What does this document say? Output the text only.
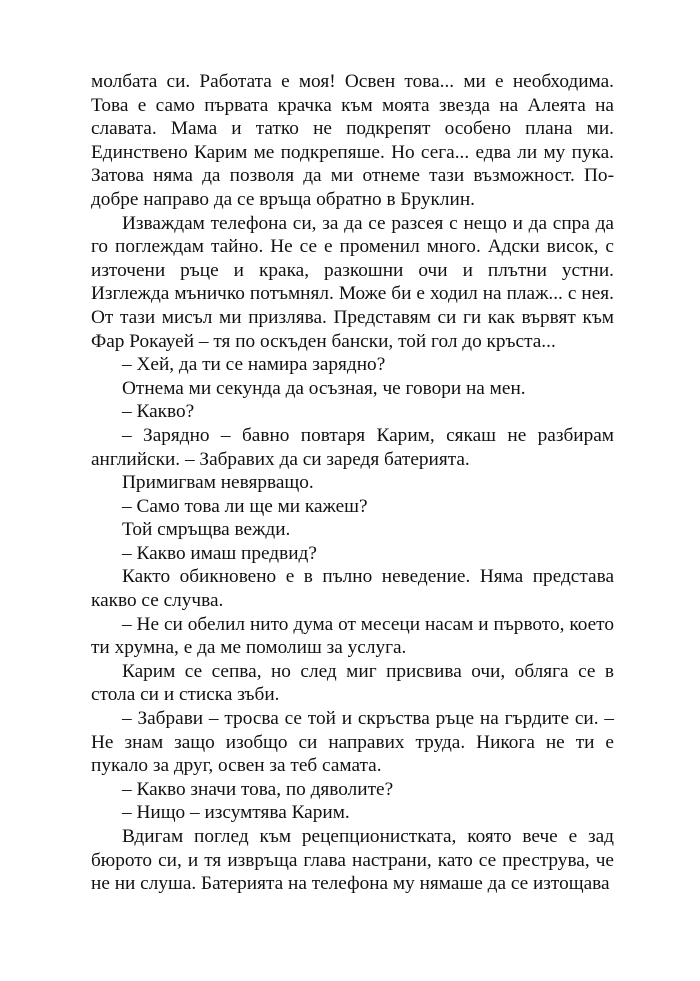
молбата си. Работата е моя! Освен това... ми е необходима. Това е само първата крачка към моята звезда на Алеята на славата. Мама и татко не подкрепят особено плана ми. Единствено Карим ме подкрепяше. Но сега... едва ли му пука. Затова няма да позволя да ми отнеме тази възможност. По-добре направо да се връща обратно в Бруклин.

Изваждам телефона си, за да се разсея с нещо и да спра да го поглеждам тайно. Не се е променил много. Адски висок, с източени ръце и крака, разкошни очи и плътни устни. Изглежда мъничко потъмнял. Може би е ходил на плаж... с нея. От тази мисъл ми призлява. Представям си ги как вървят към Фар Рокауей – тя по оскъден бански, той гол до кръста...

– Хей, да ти се намира зарядно?

Отнема ми секунда да осъзная, че говори на мен.

– Какво?

– Зарядно – бавно повтаря Карим, сякаш не разбирам английски. – Забравих да си заредя батерията.

Примигвам невярващо.

– Само това ли ще ми кажеш?

Той смръщва вежди.

– Какво имаш предвид?

Както обикновено е в пълно неведение. Няма представа какво се случва.

– Не си обелил нито дума от месеци насам и първото, което ти хрумна, е да ме помолиш за услуга.

Карим се сепва, но след миг присвива очи, обляга се в стола си и стиска зъби.

– Забрави – тросва се той и скръства ръце на гърдите си. – Не знам защо изобщо си направих труда. Никога не ти е пукало за друг, освен за теб самата.

– Какво значи това, по дяволите?

– Нищо – изсумтява Карим.

Вдигам поглед към рецепционистката, която вече е зад бюрото си, и тя извръща глава настрани, като се преструва, че не ни слуша. Батерията на телефона му нямаше да се изтощава
